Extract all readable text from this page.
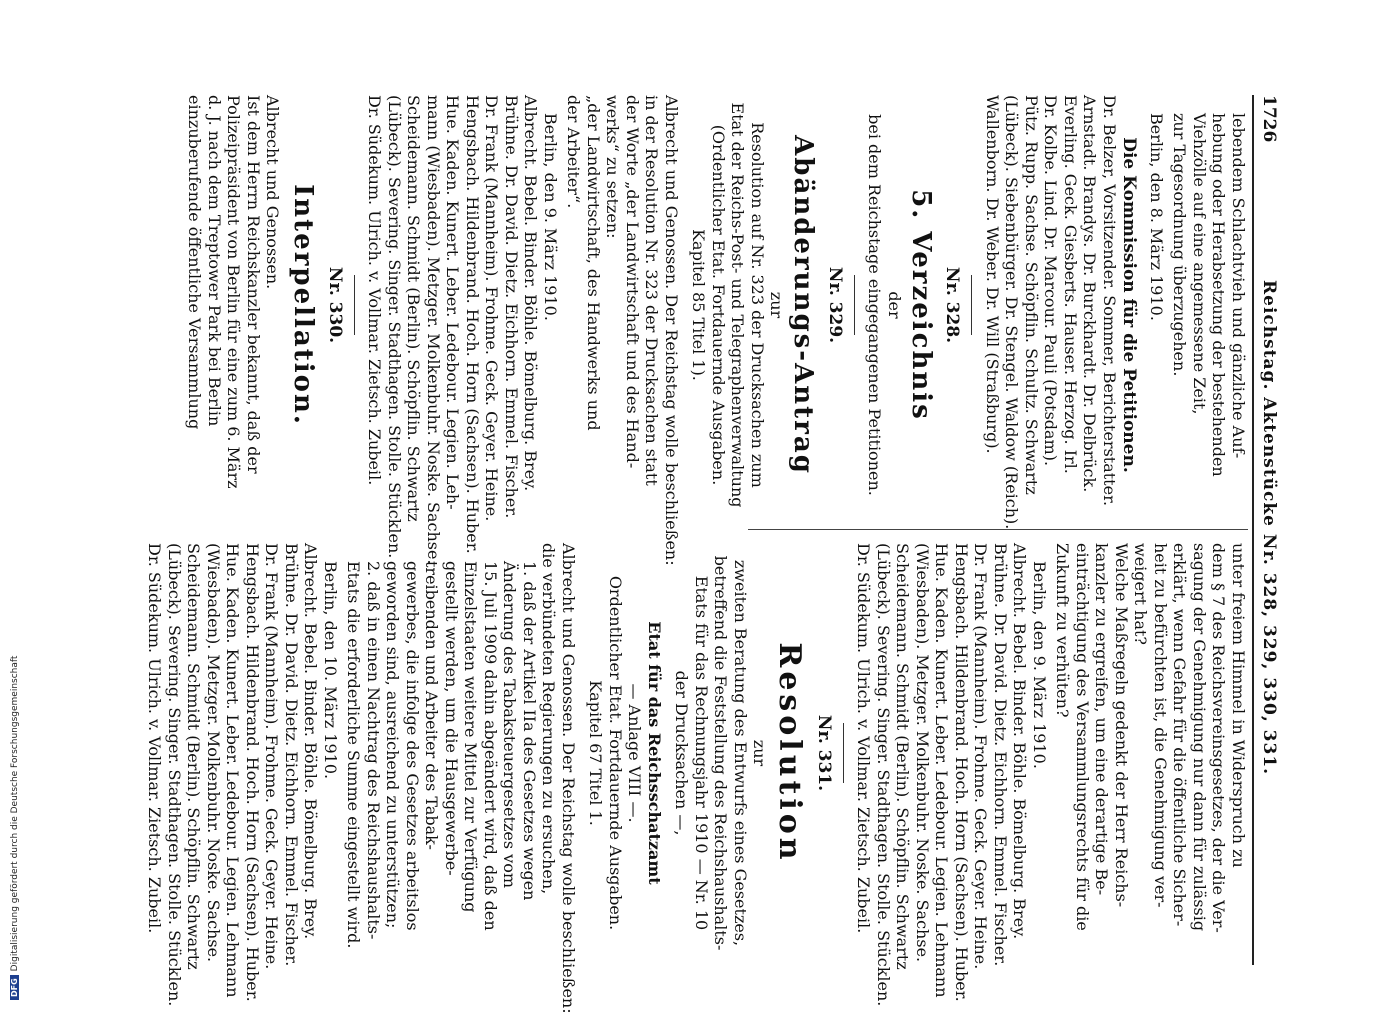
1726
Reichstag. Aktenstücke Nr. 328, 329, 330, 331.
lebendem Schlachtvieh und gänzliche Auf-
hebung oder Herabsetzung der bestehenden
Viehzölle auf eine angemessene Zeit,
zur Tagesordnung überzugehen.
Berlin, den 8. März 1910.
Die Kommission für die Petitionen.
Dr. Belzer, Vorsitzender. Sommer, Berichterstatter.
Arnstadt. Brandys. Dr. Burckhardt. Dr. Delbrück.
Everling. Geck. Giesberts. Hauser. Herzog. Irl.
Dr. Kolbe. Lind. Dr. Marcour. Pauli (Potsdam).
Pütz. Rupp. Sachse. Schöpflin. Schultz. Schwartz
(Lübeck). Siebenbürger. Dr. Stengel. Waldow (Reich).
Wallenborn. Dr. Weber. Dr. Will (Straßburg).
Nr. 328.
5. Verzeichnis
der
bei dem Reichstage eingegangenen Petitionen.
Nr. 329.
Abänderungs-Antrag
zur
Resolution auf Nr. 323 der Drucksachen zum
Etat der Reichs-Post- und Telegraphenverwaltung
(Ordentlicher Etat. Fortdauernde Ausgaben.
Kapitel 85 Titel 1).
Albrecht und Genossen. Der Reichstag wolle beschließen:
in der Resolution Nr. 323 der Drucksachen statt
der Worte „der Landwirtschaft und des Hand-
werks“ zu setzen:
„der Landwirtschaft, des Handwerks und
der Arbeiter“.
Berlin, den 9. März 1910.
Albrecht. Bebel. Binder. Böhle. Bömelburg. Brey.
Brühne. Dr. David. Dietz. Eichhorn. Emmel. Fischer.
Dr. Frank (Mannheim). Frohme. Geck. Geyer. Heine.
Hengsbach. Hildenbrand. Hoch. Horn (Sachsen). Huber.
Hue. Kaden. Kunert. Leber. Ledebour. Legien. Leh-
mann (Wiesbaden). Metzger. Molkenbuhr. Noske. Sachse.
Scheidemann. Schmidt (Berlin). Schöpflin. Schwartz
(Lübeck). Severing. Singer. Stadthagen. Stolle. Stücklen.
Dr. Südekum. Ulrich. v. Vollmar. Zietsch. Zubeil.
Nr. 330.
Interpellation.
Albrecht und Genossen.
Ist dem Herrn Reichskanzler bekannt, daß der
Polizeipräsident von Berlin für eine zum 6. März
d. J. nach dem Treptower Park bei Berlin
einzuberufende öffentliche Versammlung
unter freiem Himmel in Widerspruch zu
dem § 7 des Reichsvereinsgesetzes, der die Ver-
sagung der Genehmigung nur dann für zulässig
erklärt, wenn Gefahr für die öffentliche Sicher-
heit zu befürchten ist, die Genehmigung ver-
weigert hat?
Welche Maßregeln gedenkt der Herr Reichs-
kanzler zu ergreifen, um eine derartige Be-
einträchtigung des Versammlungsrechts für die
Zukunft zu verhüten?
Berlin, den 9. März 1910.
Albrecht. Bebel. Binder. Böhle. Bömelburg. Brey.
Brühne. Dr. David. Dietz. Eichhorn. Emmel. Fischer.
Dr. Frank (Mannheim). Frohme. Geck. Geyer. Heine.
Hengsbach. Hildenbrand. Hoch. Horn (Sachsen). Huber.
Hue. Kaden. Kunert. Leber. Ledebour. Legien. Lehmann
(Wiesbaden). Metzger. Molkenbuhr. Noske. Sachse.
Scheidemann. Schmidt (Berlin). Schöpflin. Schwartz
(Lübeck). Severing. Singer. Stadthagen. Stolle. Stücklen.
Dr. Südekum. Ulrich. v. Vollmar. Zietsch. Zubeil.
Nr. 331.
Resolution
zur
zweiten Beratung des Entwurfs eines Gesetzes,
betreffend die Feststellung des Reichshaushalts-
Etats für das Rechnungsjahr 1910 — Nr. 10
der Drucksachen —,
Etat für das Reichsschatzamt
— Anlage VIII —.
Ordentlicher Etat. Fortdauernde Ausgaben.
Kapitel 67 Titel 1.
Albrecht und Genossen. Der Reichstag wolle beschließen:
die verbündeten Regierungen zu ersuchen,
1. daß der Artikel IIa des Gesetzes wegen
Änderung des Tabaksteuergesetzes vom
15. Juli 1909 dahin abgeändert wird, daß den
Einzelstaaten weitere Mittel zur Verfügung
gestellt werden, um die Hausgewerbe-
treibenden und Arbeiter des Tabak-
gewerbes, die infolge des Gesetzes arbeitslos
geworden sind, ausreichend zu unterstützen;
2. daß in einen Nachtrag des Reichshaushalts-
Etats die erforderliche Summe eingestellt wird.
Berlin, den 10. März 1910.
Albrecht. Bebel. Binder. Böhle. Bömelburg. Brey.
Brühne. Dr. David. Dietz. Eichhorn. Emmel. Fischer.
Dr. Frank (Mannheim). Frohme. Geck. Geyer. Heine.
Hengsbach. Hildenbrand. Hoch. Horn (Sachsen). Huber.
Hue. Kaden. Kunert. Leber. Ledebour. Legien. Lehmann
(Wiesbaden). Metzger. Molkenbuhr. Noske. Sachse.
Scheidemann. Schmidt (Berlin). Schöpflin. Schwartz
(Lübeck). Severing. Singer. Stadthagen. Stolle. Stücklen.
Dr. Südekum. Ulrich. v. Vollmar. Zietsch. Zubeil.
DFGDigitalisierung gefördert durch die Deutsche Forschungsgemeinschaft
